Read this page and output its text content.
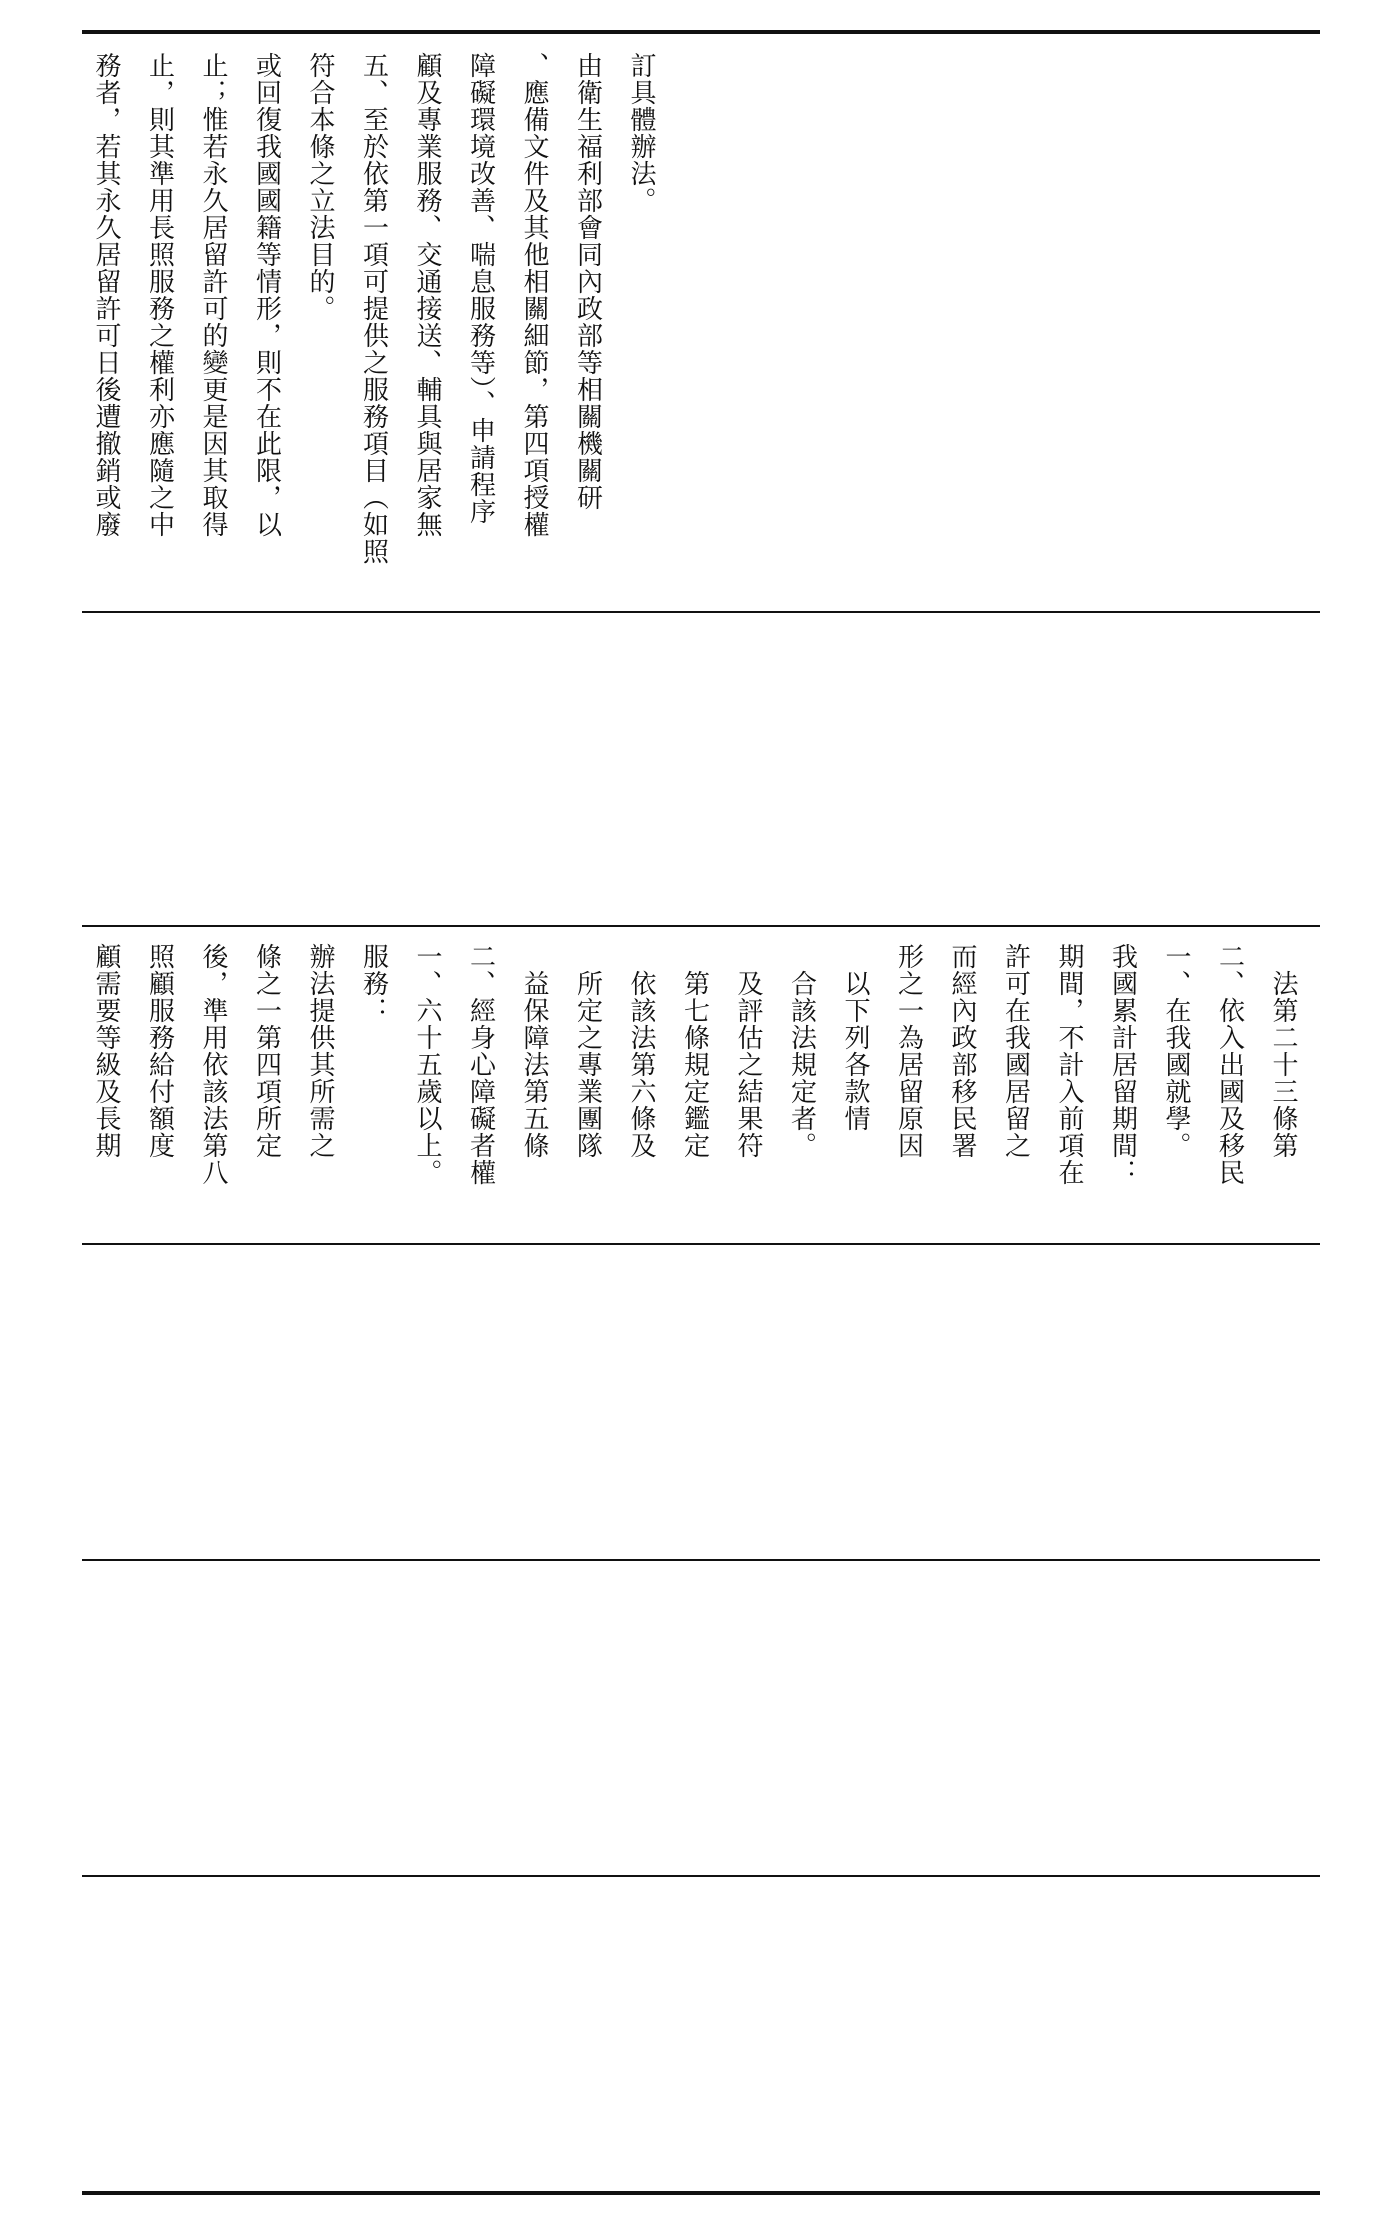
務者，若其永久居留許可日後遭撤銷或廢 止，則其準用長照服務之權利亦應隨之中 止；惟若永久居留許可的變更是因其取得 或回復我國國籍等情形，則不在此限，以 符合本條之立法目的。 五、至於依第一項可提供之服務項目（如照 顧及專業服務、交通接送、輔具與居家無 障礙環境改善、喘息服務等）、申請程序 、應備文件及其他相關細節，第四項授權 由衛生福利部會同內政部等相關機關研 訂具體辦法。
顧需要等級及長期 照顧服務給付額度 後，準用依該法第八 條之一第四項所定 辦法提供其所需之 服務： 一、六十五歲以上。 二、經身心障礙者權 　益保障法第五條 　所定之專業團隊 　依該法第六條及 　第七條規定鑑定 　及評估之結果符 　合該法規定者。 　以下列各款情 形之一為居留原因 而經內政部移民署 許可在我國居留之 期間，不計入前項在 我國累計居留期間： 一、在我國就學。 二、依入出國及移民 　法第二十三條第
